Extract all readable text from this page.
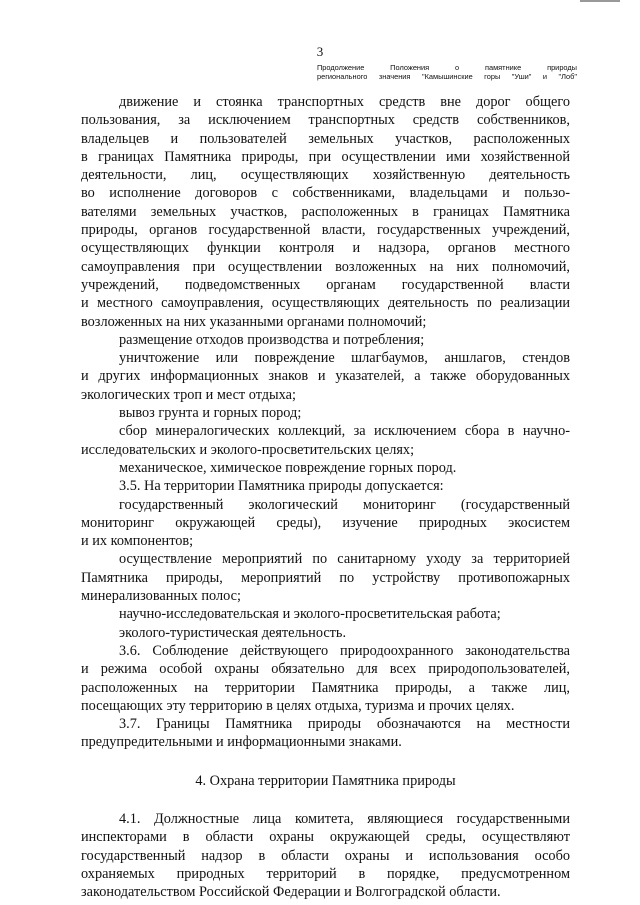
3
Продолжение Положения о памятнике природы
регионального значения "Камышинские горы "Уши" и "Лоб"
движение и стоянка транспортных средств вне дорог общего
пользования, за исключением транспортных средств собственников,
владельцев и пользователей земельных участков, расположенных
в границах Памятника природы, при осуществлении ими хозяйственной
деятельности, лиц, осуществляющих хозяйственную деятельность
во исполнение договоров с собственниками, владельцами и пользо-
вателями земельных участков, расположенных в границах Памятника
природы, органов государственной власти, государственных учреждений,
осуществляющих функции контроля и надзора, органов местного
самоуправления при осуществлении возложенных на них полномочий,
учреждений, подведомственных органам государственной власти
и местного самоуправления, осуществляющих деятельность по реализации
возложенных на них указанными органами полномочий;
размещение отходов производства и потребления;
уничтожение или повреждение шлагбаумов, аншлагов, стендов
и других информационных знаков и указателей, а также оборудованных
экологических троп и мест отдыха;
вывоз грунта и горных пород;
сбор минералогических коллекций, за исключением сбора в научно-
исследовательских и эколого-просветительских целях;
механическое, химическое повреждение горных пород.
3.5. На территории Памятника природы допускается:
государственный экологический мониторинг (государственный
мониторинг окружающей среды), изучение природных экосистем
и их компонентов;
осуществление мероприятий по санитарному уходу за территорией
Памятника природы, мероприятий по устройству противопожарных
минерализованных полос;
научно-исследовательская и эколого-просветительская работа;
эколого-туристическая деятельность.
3.6. Соблюдение действующего природоохранного законодательства
и режима особой охраны обязательно для всех природопользователей,
расположенных на территории Памятника природы, а также лиц,
посещающих эту территорию в целях отдыха, туризма и прочих целях.
3.7. Границы Памятника природы обозначаются на местности
предупредительными и информационными знаками.
4. Охрана территории Памятника природы
4.1. Должностные лица комитета, являющиеся государственными
инспекторами в области охраны окружающей среды, осуществляют
государственный надзор в области охраны и использования особо
охраняемых природных территорий в порядке, предусмотренном
законодательством Российской Федерации и Волгоградской области.
